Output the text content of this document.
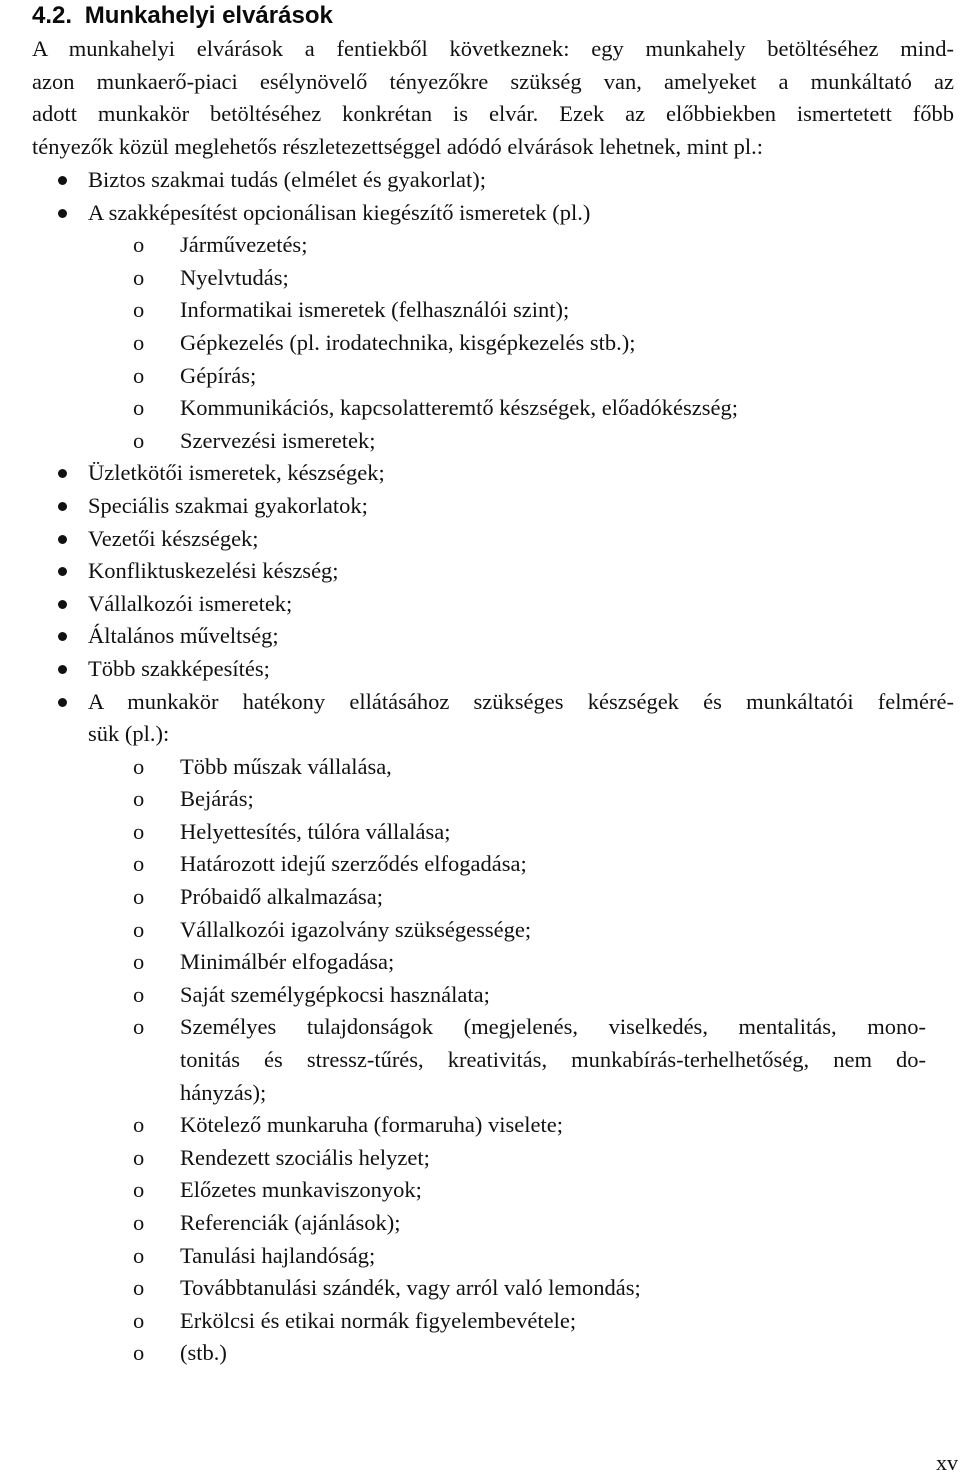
4.2. Munkahelyi elvárások

A munkahelyi elvárások a fentiekből következnek: egy munkahely betöltéséhez mind-
azon munkaerő-piaci esélynövelő tényezőkre szükség van, amelyeket a munkáltató az
adott munkakör betöltéséhez konkrétan is elvár. Ezek az előbbiekben ismertetett főbb
tényezők közül meglehetős részletezettséggel adódó elvárások lehetnek, mint pl.:

Biztos szakmai tudás (elmélet és gyakorlat);
A szakképesítést opcionálisan kiegészítő ismeretek (pl.)
o	Járművezetés;
o	Nyelvtudás;
o	Informatikai ismeretek (felhasználói szint);
o	Gépkezelés (pl. irodatechnika, kisgépkezelés stb.);
o	Gépírás;
o	Kommunikációs, kapcsolatteremtő készségek, előadókészség;
o	Szervezési ismeretek;
Üzletkötői ismeretek, készségek;
Speciális szakmai gyakorlatok;
Vezetői készségek;
Konfliktuskezelési készség;
Vállalkozói ismeretek;
Általános műveltség;
Több szakképesítés;
A munkakör hatékony ellátásához szükséges készségek és munkáltatói felméré-
sük (pl.):
o	Több műszak vállalása,
o	Bejárás;
o	Helyettesítés, túlóra vállalása;
o	Határozott idejű szerződés elfogadása;
o	Próbaidő alkalmazása;
o	Vállalkozói igazolvány szükségessége;
o	Minimálbér elfogadása;
o	Saját személygépkocsi használata;
o	Személyes tulajdonságok (megjelenés, viselkedés, mentalitás, mono-
tonitás és stressz-tűrés, kreativitás, munkabírás-terhelhetőség, nem do-
hányzás);
o	Kötelező munkaruha (formaruha) viselete;
o	Rendezett szociális helyzet;
o	Előzetes munkaviszonyok;
o	Referenciák (ajánlások);
o	Tanulási hajlandóság;
o	Továbbtanulási szándék, vagy arról való lemondás;
o	Erkölcsi és etikai normák figyelembevétele;
o	(stb.)
xv
